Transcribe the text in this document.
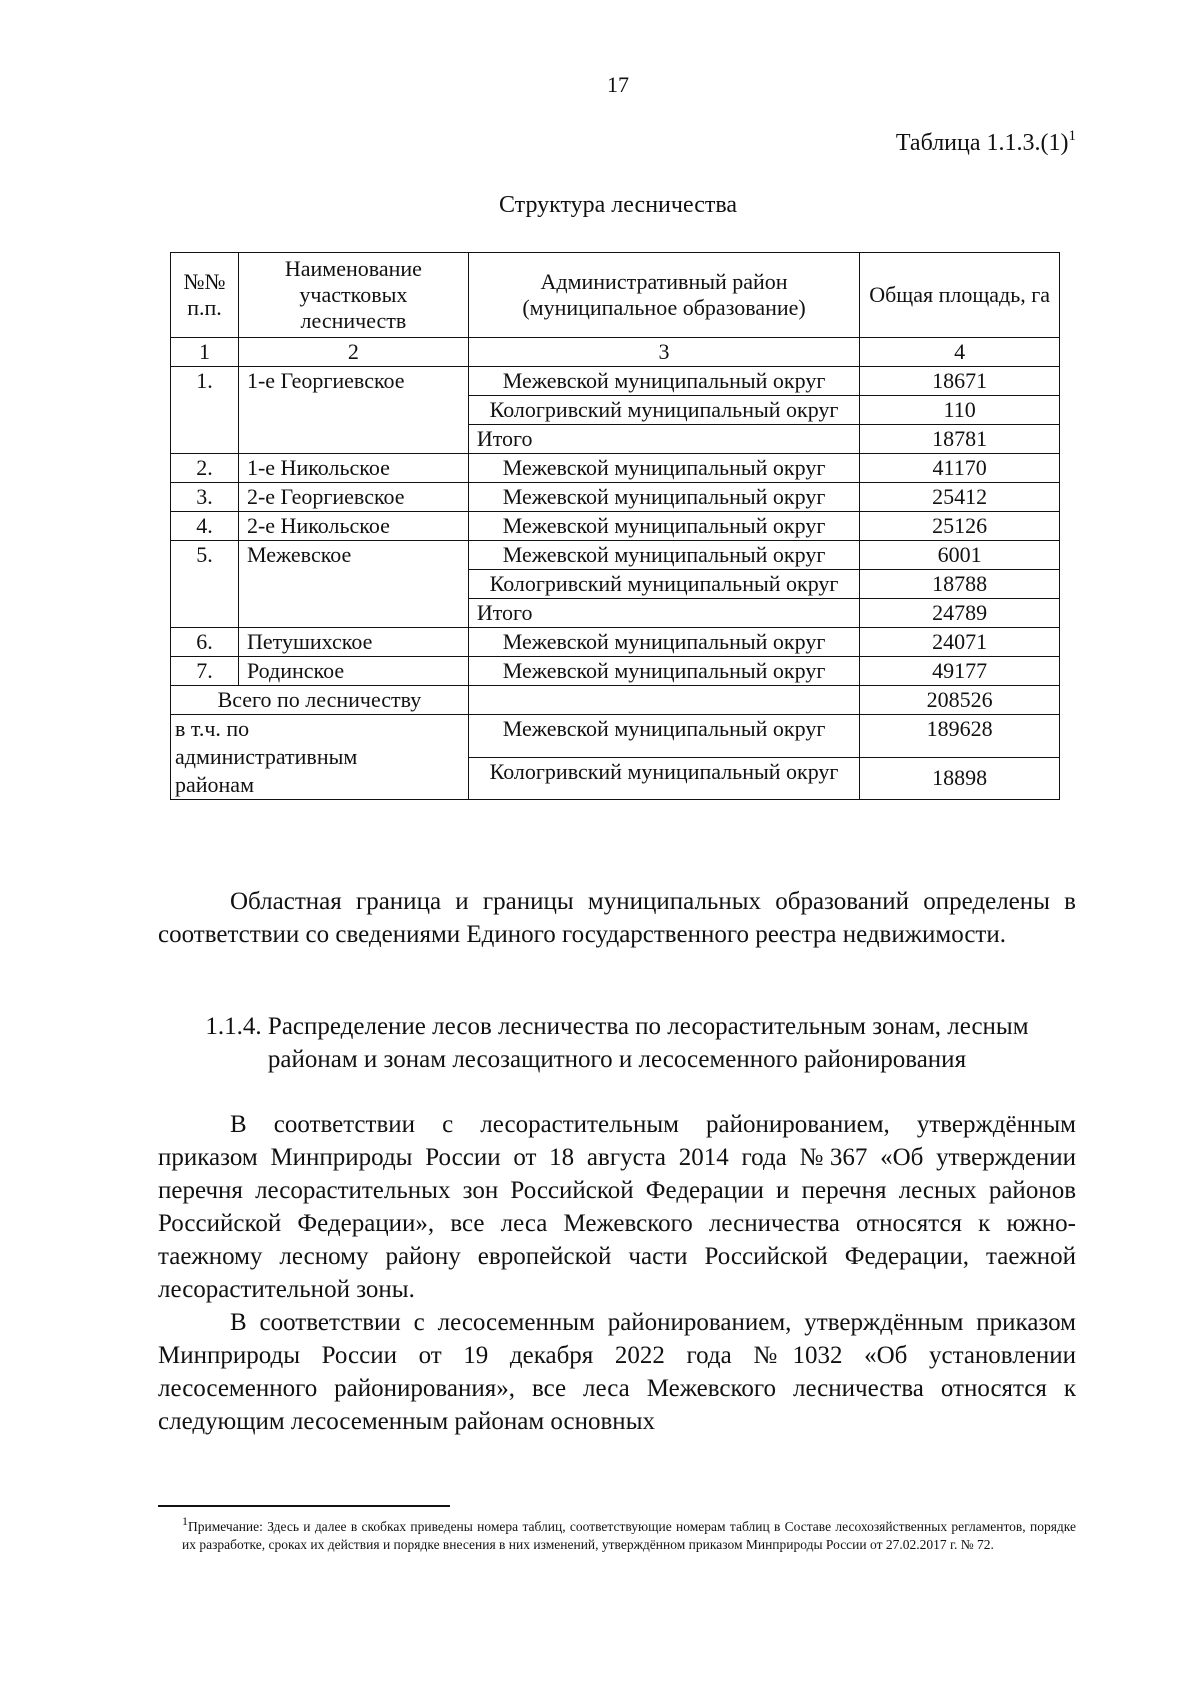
17
Таблица $1.1.3.(1)^1$
Структура лесничества
№№ п.п.	Наименование участковых лесничеств	Административный район (муниципальное образование)	Общая площадь, га
1	2	3	4
1.	1-е Георгиевское	Межевской муниципальный округ	18671
		Кологривский муниципальный округ	110
		Итого	18781
2.	1-е Никольское	Межевской муниципальный округ	41170
3.	2-е Георгиевское	Межевской муниципальный округ	25412
4.	2-е Никольское	Межевской муниципальный округ	25126
5.	Межевское	Межевской муниципальный округ	6001
		Кологривский муниципальный округ	18788
		Итого	24789
6.	Петушихское	Межевской муниципальный округ	24071
7.	Родинское	Межевской муниципальный округ	49177
Всего по лесничеству			208526
в т.ч. по административным районам		Межевской муниципальный округ	189628
		Кологривский муниципальный округ	18898
Областная граница и границы муниципальных образований определены в соответствии со сведениями Единого государственного реестра недвижимости.
1.1.4. Распределение лесов лесничества по лесорастительным зонам, лесным районам и зонам лесозащитного и лесосеменного районирования
В соответствии с лесорастительным районированием, утверждённым приказом Минприроды России от 18 августа 2014 года №367 «Об утверждении перечня лесорастительных зон Российской Федерации и перечня лесных районов Российской Федерации», все леса Межевского лесничества относятся к южно-таежному лесному району европейской части Российской Федерации, таежной лесорастительной зоны.
В соответствии с лесосеменным районированием, утверждённым приказом Минприроды России от 19 декабря 2022 года №1032 «Об установлении лесосеменного районирования», все леса Межевского лесничества относятся к следующим лесосеменным районам основных
$^1$Примечание: Здесь и далее в скобках приведены номера таблиц, соответствующие номерам таблиц в Составе лесохозяйственных регламентов, порядке их разработке, сроках их действия и порядке внесения в них изменений, утверждённом приказом Минприроды России от 27.02.2017 г. № 72.
